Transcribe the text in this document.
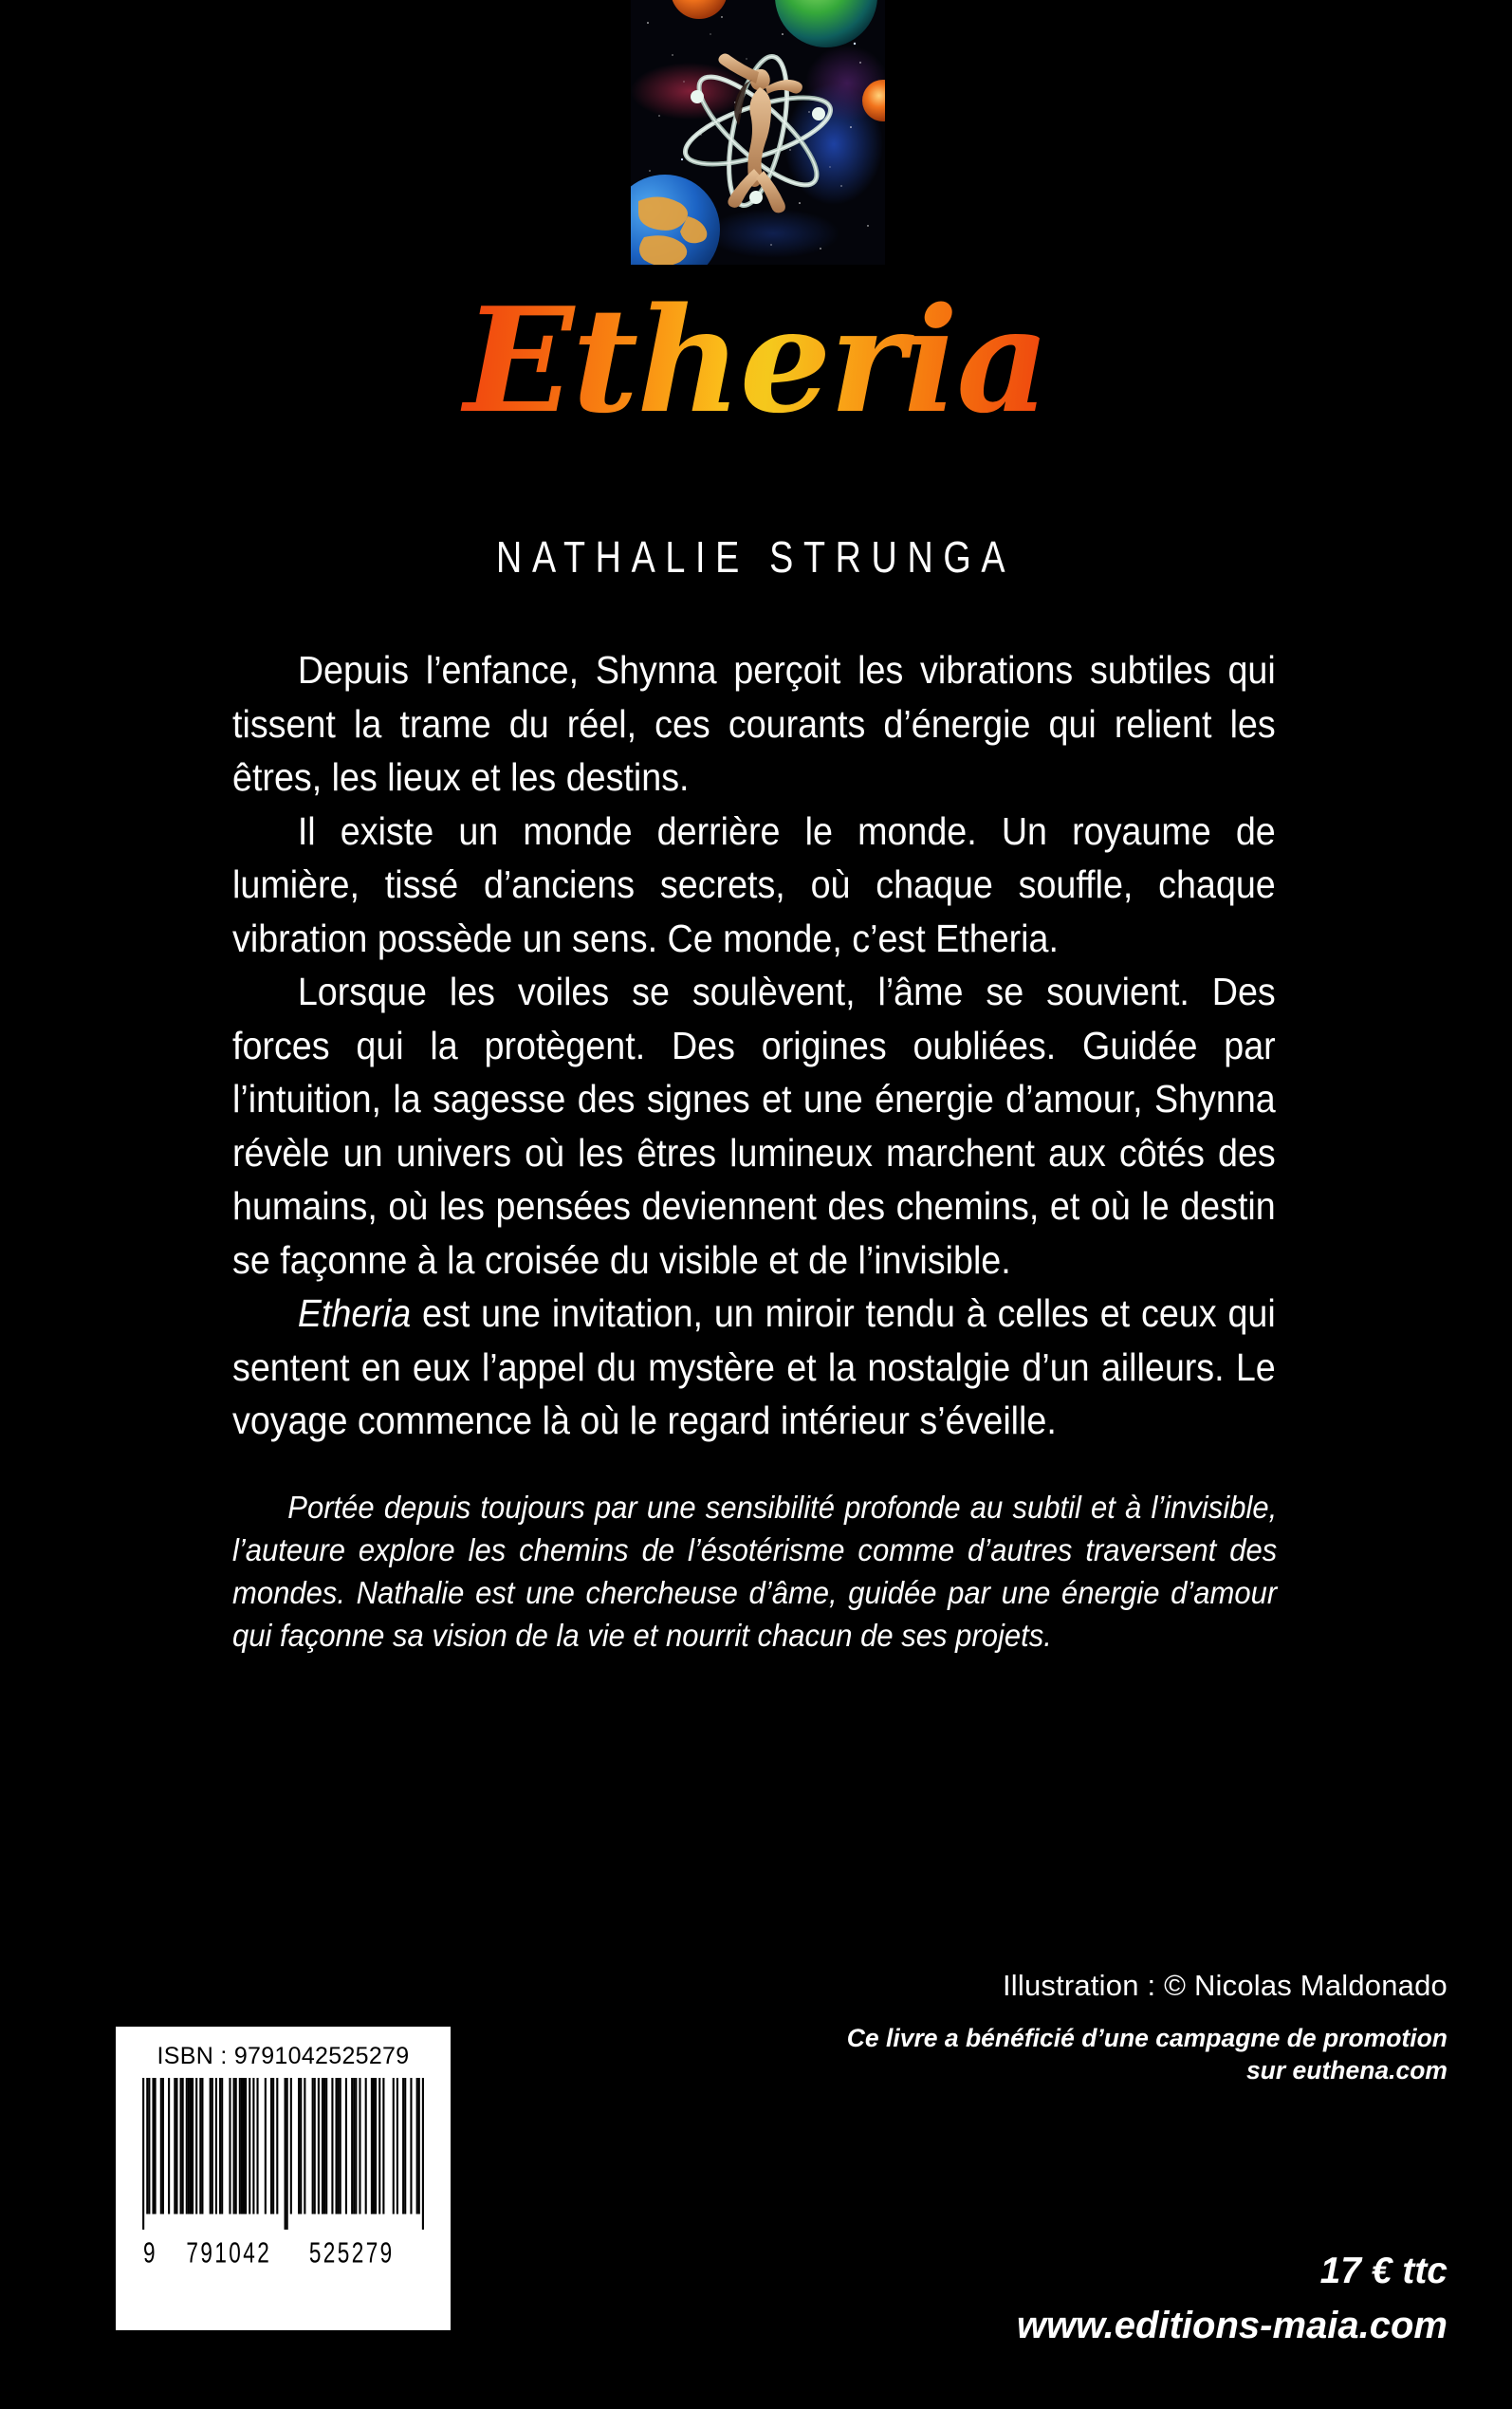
Etheria
NATHALIE STRUNGA

Depuis l’enfance, Shynna perçoit les vibrations subtiles qui tissent la trame du réel, ces courants d’énergie qui relient les êtres, les lieux et les destins.

Il existe un monde derrière le monde. Un royaume de lumière, tissé d’anciens secrets, où chaque souffle, chaque vibration possède un sens. Ce monde, c’est Etheria.

Lorsque les voiles se soulèvent, l’âme se souvient. Des forces qui la protègent. Des origines oubliées. Guidée par l’intuition, la sagesse des signes et une énergie d’amour, Shynna révèle un univers où les êtres lumineux marchent aux côtés des humains, où les pensées deviennent des chemins, et où le destin se façonne à la croisée du visible et de l’invisible.

Etheria est une invitation, un miroir tendu à celles et ceux qui sentent en eux l’appel du mystère et la nostalgie d’un ailleurs. Le voyage commence là où le regard intérieur s’éveille.

Portée depuis toujours par une sensibilité profonde au subtil et à l’invisible, l’auteure explore les chemins de l’ésotérisme comme d’autres traversent des mondes. Nathalie est une chercheuse d’âme, guidée par une énergie d’amour qui façonne sa vision de la vie et nourrit chacun de ses projets.

Illustration : © Nicolas Maldonado
Ce livre a bénéficié d’une campagne de promotion
sur euthena.com
17 € ttc
www.editions-maia.com
ISBN : 9791042525279
9 791042	525279
